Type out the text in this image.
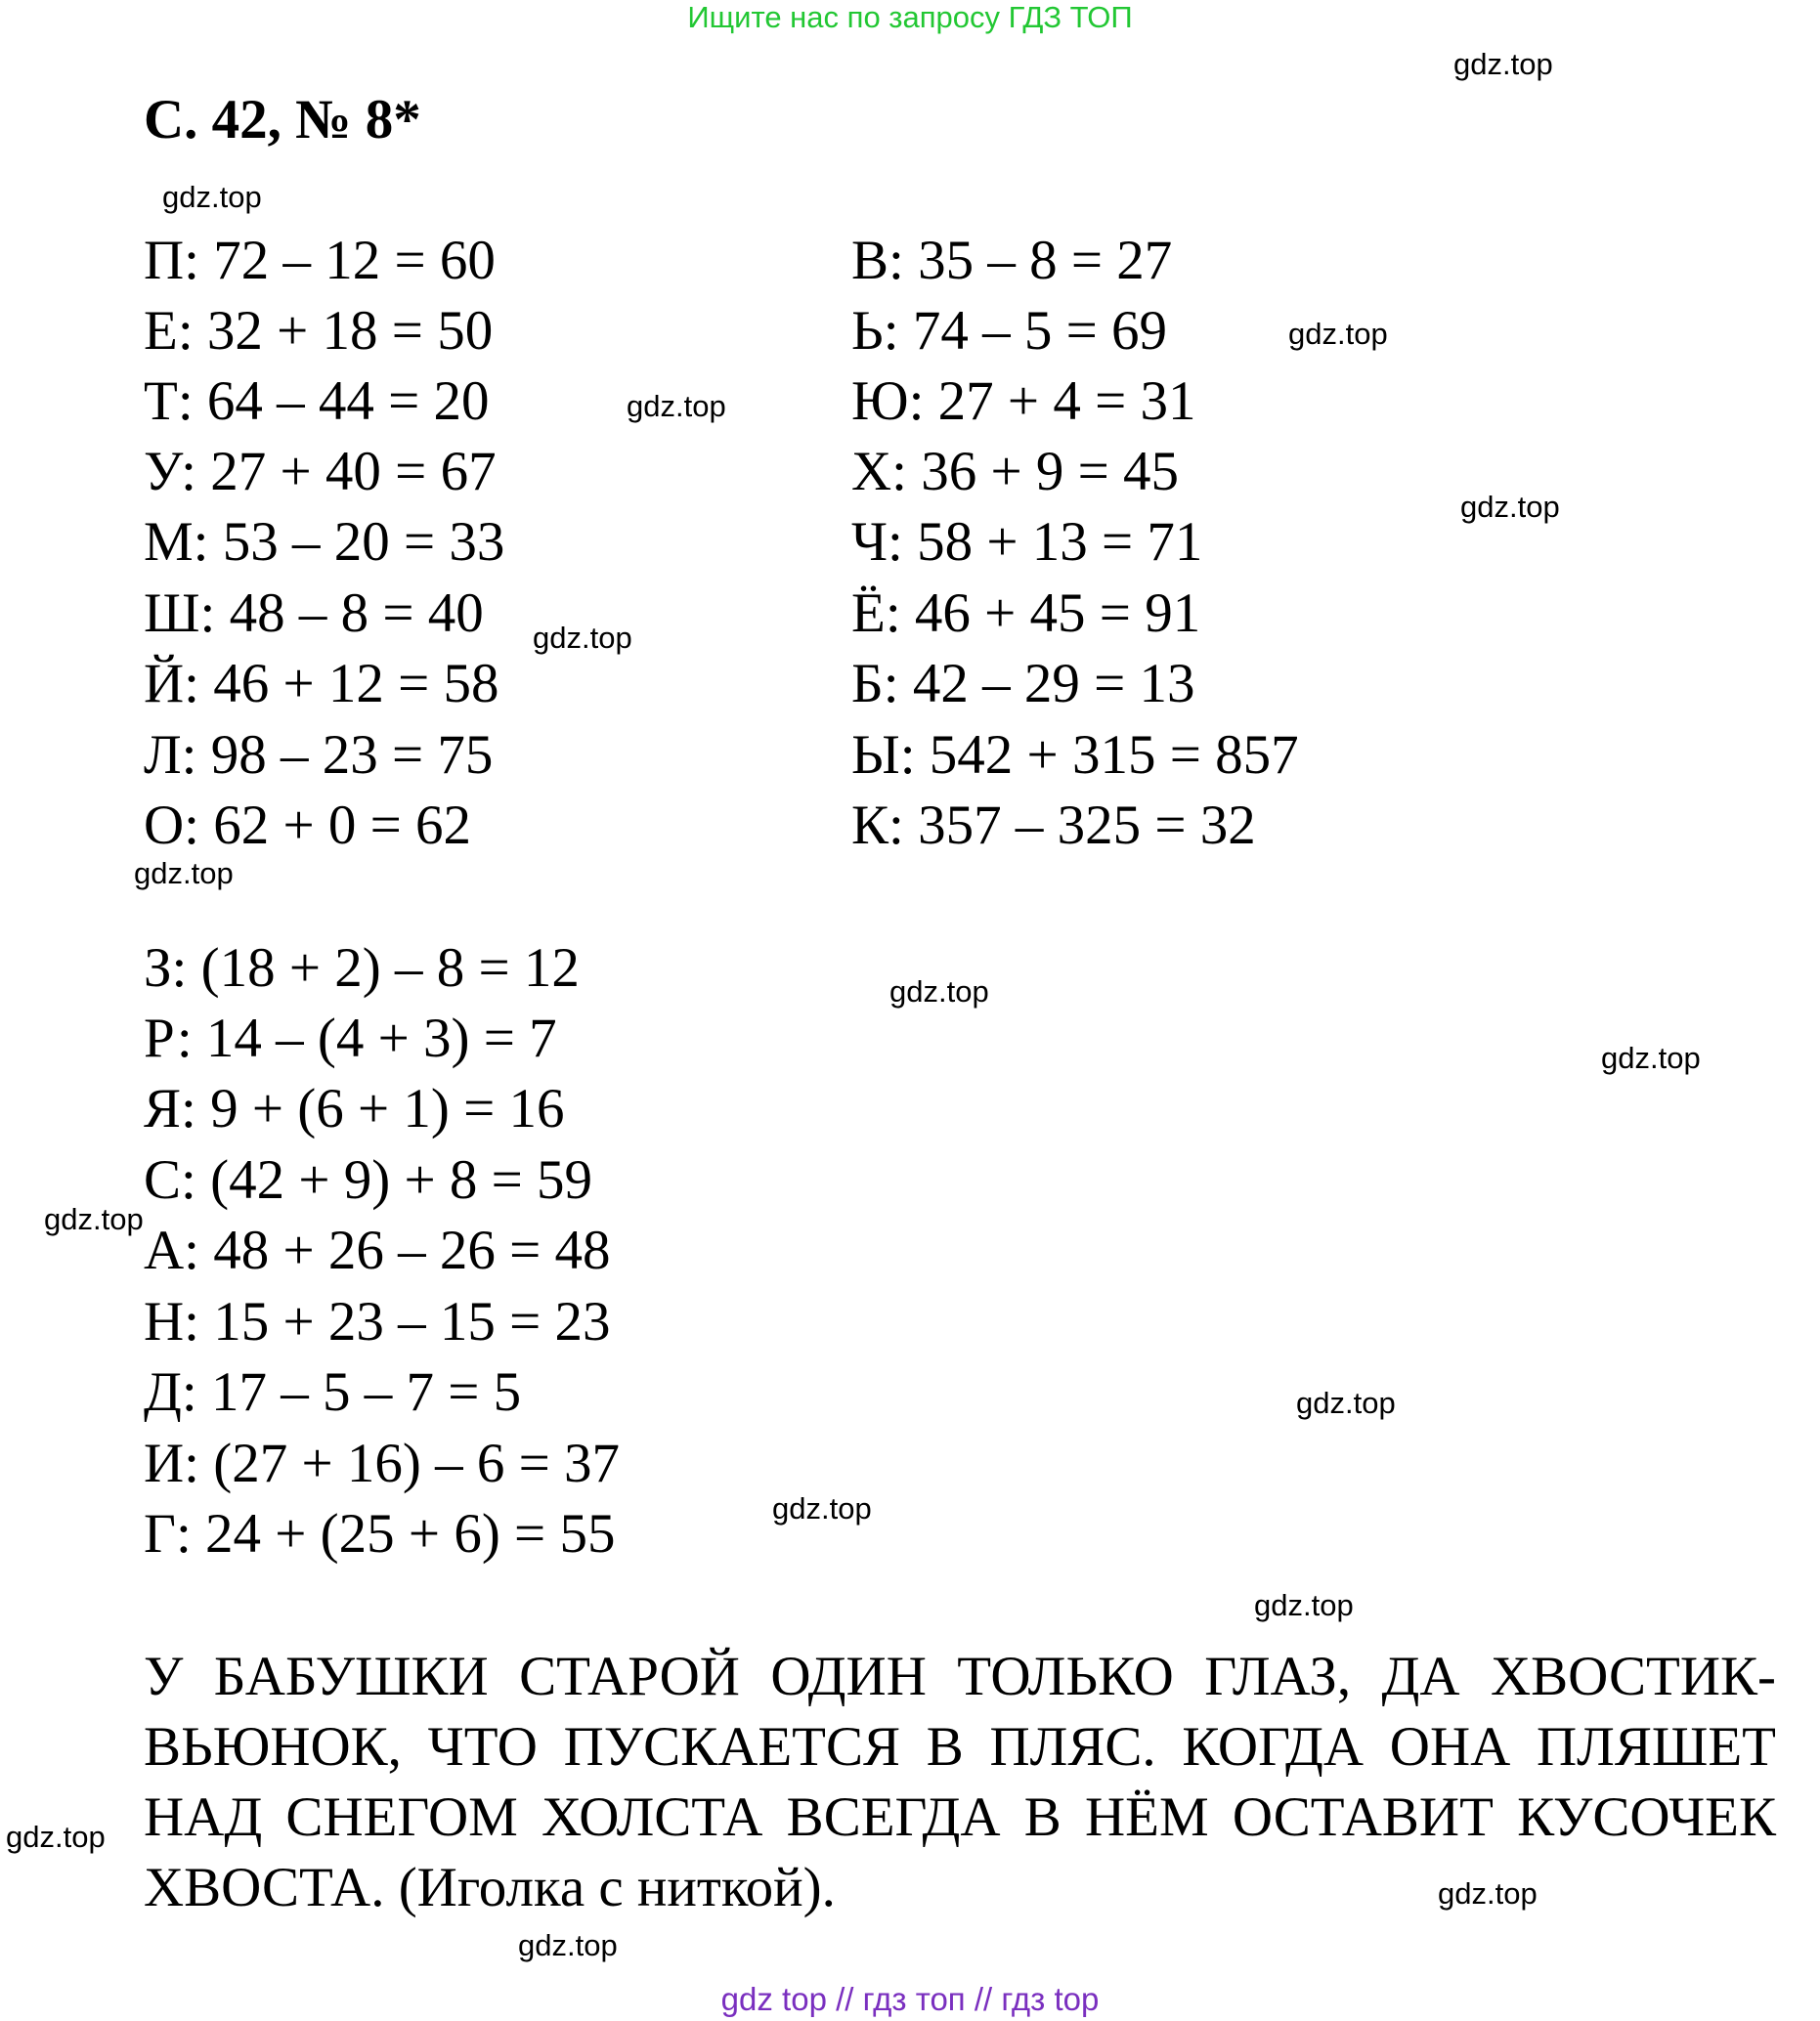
Ищите нас по запросу ГДЗ ТОП
С. 42, № 8*
П: 72 – 12 = 60
Е: 32 + 18 = 50
Т: 64 – 44 = 20
У: 27 + 40 = 67
М: 53 – 20 = 33
Ш: 48 – 8 = 40
Й: 46 + 12 = 58
Л: 98 – 23 = 75
О: 62 + 0 = 62
В: 35 – 8 = 27
Ь: 74 – 5 = 69
Ю: 27 + 4 = 31
Х: 36 + 9 = 45
Ч: 58 + 13 = 71
Ё: 46 + 45 = 91
Б: 42 – 29 = 13
Ы: 542 + 315 = 857
К: 357 – 325 = 32
З: (18 + 2) – 8 = 12
Р: 14 – (4 + 3) = 7
Я: 9 + (6 + 1) = 16
С: (42 + 9) + 8 = 59
А: 48 + 26 – 26 = 48
Н: 15 + 23 – 15 = 23
Д: 17 – 5 – 7 = 5
И: (27 + 16) – 6 = 37
Г: 24 + (25 + 6) = 55
У БАБУШКИ СТАРОЙ ОДИН ТОЛЬКО ГЛАЗ, ДА ХВОСТИК-
ВЬЮНОК, ЧТО ПУСКАЕТСЯ В ПЛЯС. КОГДА ОНА ПЛЯШЕТ
НАД СНЕГОМ ХОЛСТА ВСЕГДА В НЁМ ОСТАВИТ КУСОЧЕК
ХВОСТА. (Иголка с ниткой).
gdz.top
gdz.top
gdz.top
gdz.top
gdz.top
gdz.top
gdz.top
gdz.top
gdz.top
gdz.top
gdz.top
gdz.top
gdz.top
gdz.top
gdz.top
gdz.top
gdz top // гдз топ // гдз top
